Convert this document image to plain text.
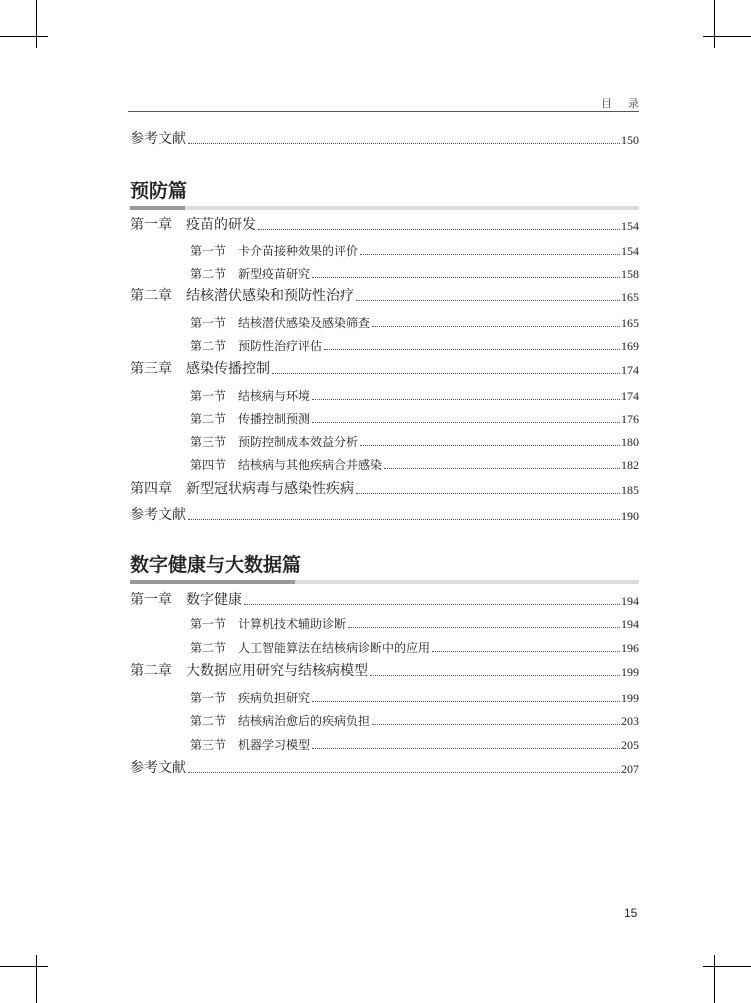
目录
参考文献	150
预防篇
第一章　疫苗的研发	154
第一节　卡介苗接种效果的评价	154
第二节　新型疫苗研究	158
第二章　结核潜伏感染和预防性治疗	165
第一节　结核潜伏感染及感染筛查	165
第二节　预防性治疗评估	169
第三章　感染传播控制	174
第一节　结核病与环境	174
第二节　传播控制预测	176
第三节　预防控制成本效益分析	180
第四节　结核病与其他疾病合并感染	182
第四章　新型冠状病毒与感染性疾病	185
参考文献	190
数字健康与大数据篇
第一章　数字健康	194
第一节　计算机技术辅助诊断	194
第二节　人工智能算法在结核病诊断中的应用	196
第二章　大数据应用研究与结核病模型	199
第一节　疾病负担研究	199
第二节　结核病治愈后的疾病负担	203
第三节　机器学习模型	205
参考文献	207
15
